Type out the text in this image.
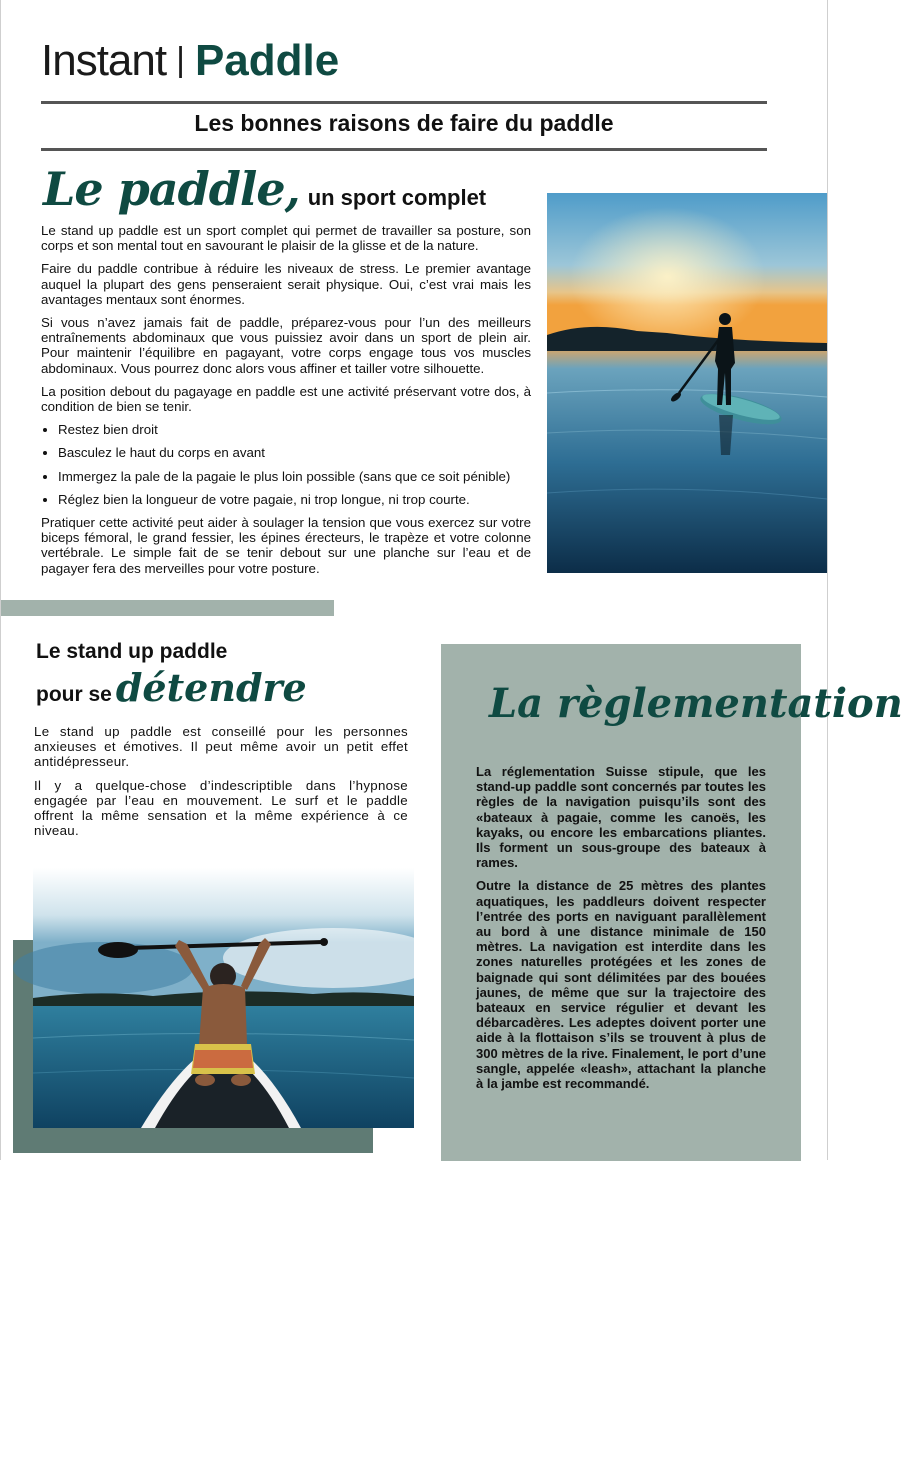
Instant | Paddle
Les bonnes raisons de faire du paddle
Le paddle, un sport complet

Le stand up paddle est un sport complet qui permet de travailler sa posture, son corps et son mental tout en savourant le plaisir de la glisse et de la nature.

Faire du paddle contribue à réduire les niveaux de stress. Le premier avantage auquel la plupart des gens penseraient serait physique. Oui, c’est vrai mais les avantages mentaux sont énormes.

Si vous n’avez jamais fait de paddle, préparez-vous pour l’un des meilleurs entraînements abdominaux que vous puissiez avoir dans un sport de plein air. Pour maintenir l’équilibre en pagayant, votre corps engage tous vos muscles abdominaux. Vous pourrez donc alors vous affiner et tailler votre silhouette.

La position debout du pagayage en paddle est une activité préservant votre dos, à condition de bien se tenir.

• Restez bien droit
• Basculez le haut du corps en avant
• Immergez la pale de la pagaie le plus loin possible (sans que ce soit pénible)
• Réglez bien la longueur de votre pagaie, ni trop longue, ni trop courte.

Pratiquer cette activité peut aider à soulager la tension que vous exercez sur votre biceps fémoral, le grand fessier, les épines érecteurs, le trapèze et votre colonne vertébrale. Le simple fait de se tenir debout sur une planche sur l’eau et de pagayer fera des merveilles pour votre posture.

Le stand up paddle
pour se détendre

Le stand up paddle est conseillé pour les personnes anxieuses et émotives. Il peut même avoir un petit effet antidépresseur.

Il y a quelque-chose d’indescriptible dans l’hypnose engagée par l’eau en mouvement. Le surf et le paddle offrent la même sensation et la même expérience à ce niveau.

La règlementation

La réglementation Suisse stipule, que les stand-up paddle sont concernés par toutes les règles de la navigation puisqu’ils sont des «bateaux à pagaie, comme les canoës, les kayaks, ou encore les embarcations pliantes. Ils forment un sous-groupe des bateaux à rames.

Outre la distance de 25 mètres des plantes aquatiques, les paddleurs doivent respecter l’entrée des ports en naviguant parallèlement au bord à une distance minimale de 150 mètres. La navigation est interdite dans les zones naturelles protégées et les zones de baignade qui sont délimitées par des bouées jaunes, de même que sur la trajectoire des bateaux en service régulier et devant les débarcadères. Les adeptes doivent porter une aide à la flottaison s’ils se trouvent à plus de 300 mètres de la rive. Finalement, le port d’une sangle, appelée «leash», attachant la planche à la jambe est recommandé.
